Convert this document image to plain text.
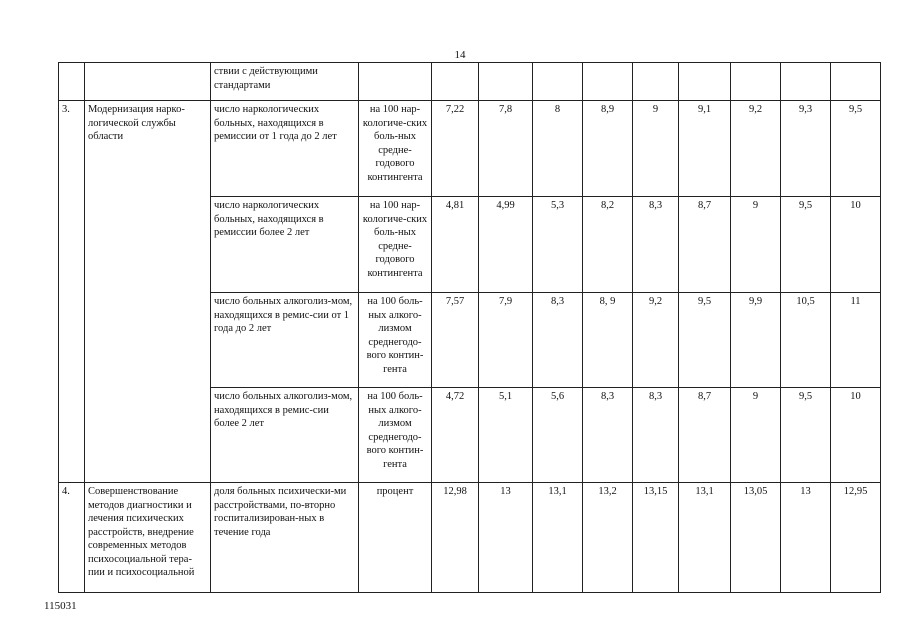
14
		ствии с действующими стандартами										
3.	Модернизация нарко-логической службы области	число наркологических больных, находящихся в ремиссии от 1 года до 2 лет	на 100 нар-кологиче-ских боль-ных средне-годового контингента	7,22	7,8	8	8,9	9	9,1	9,2	9,3	9,5
		число наркологических больных, находящихся в ремиссии более 2 лет	на 100 нар-кологиче-ских боль-ных средне-годового контингента	4,81	4,99	5,3	8,2	8,3	8,7	9	9,5	10
		число больных алкоголиз-мом, находящихся в ремис-сии от 1 года до 2 лет	на 100 боль-ных алкого-лизмом среднегодо-вого контин-гента	7,57	7,9	8,3	8, 9	9,2	9,5	9,9	10,5	11
		число больных алкоголиз-мом, находящихся в ремис-сии более 2 лет	на 100 боль-ных алкого-лизмом среднегодо-вого контин-гента	4,72	5,1	5,6	8,3	8,3	8,7	9	9,5	10
4.	Совершенствование методов диагностики и лечения психических расстройств, внедрение современных методов психосоциальной тера-пии и психосоциальной	доля больных психически-ми расстройствами, по-вторно госпитализирован-ных в течение года	процент	12,98	13	13,1	13,2	13,15	13,1	13,05	13	12,95
115031
